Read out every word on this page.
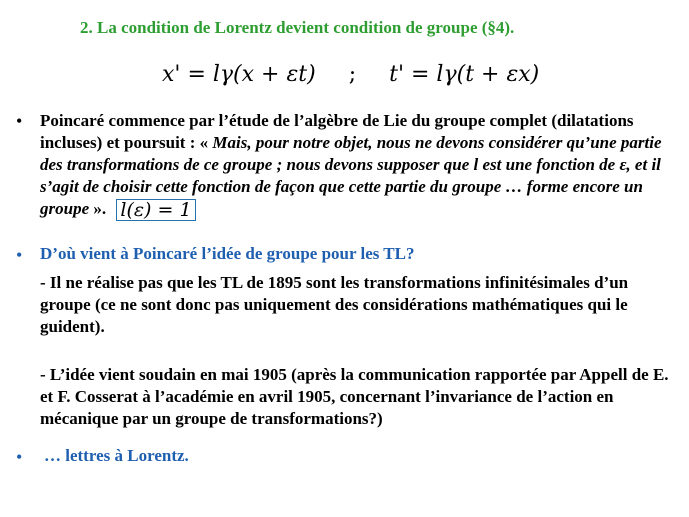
2. La condition de Lorentz devient condition de groupe (§4).
x' = lγ(x + εt) ; t' = lγ(t + εx)
• Poincaré commence par l’étude de l’algèbre de Lie du groupe complet (dilatations incluses) et poursuit : « Mais, pour notre objet, nous ne devons considérer qu’une partie des transformations de ce groupe ; nous devons supposer que l est une fonction de ε, et il s’agit de choisir cette fonction de façon que cette partie du groupe … forme encore un groupe ». l(ε) = 1
• D’où vient à Poincaré l’idée de groupe pour les TL?
- Il ne réalise pas que les TL de 1895 sont les transformations infinitésimales d’un groupe (ce ne sont donc pas uniquement des considérations mathématiques qui le guident).
- L’idée vient soudain en mai 1905 (après la communication rapportée par Appell de E. et F. Cosserat à l’académie en avril 1905, concernant l’invariance de l’action en mécanique par un groupe de transformations?)
• … lettres à Lorentz.
